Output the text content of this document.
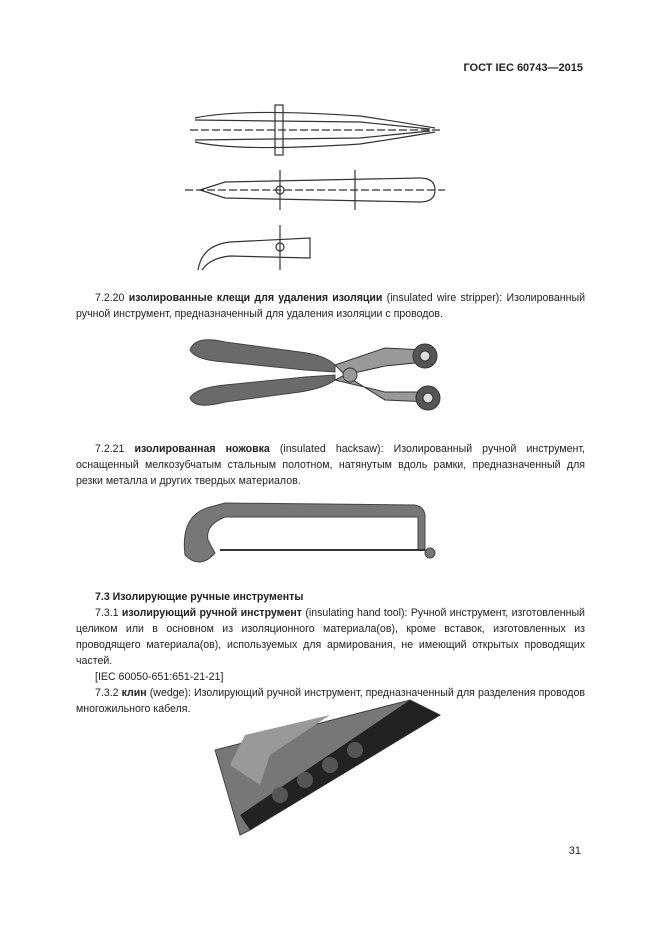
ГОСТ IEC 60743—2015

7.2.20 изолированные клещи для удаления изоляции (insulated wire stripper): Изолированный ручной инструмент, предназначенный для удаления изоляции с проводов.

7.2.21 изолированная ножовка (insulated hacksaw): Изолированный ручной инструмент, оснащенный мелкозубчатым стальным полотном, натянутым вдоль рамки, предназначенный для резки металла и других твердых материалов.

7.3 Изолирующие ручные инструменты

7.3.1 изолирующий ручной инструмент (insulating hand tool): Ручной инструмент, изготовленный целиком или в основном из изоляционного материала(ов), кроме вставок, изготовленных из проводящего материала(ов), используемых для армирования, не имеющий открытых проводящих частей.

[IEC 60050-651:651-21-21]

7.3.2 клин (wedge): Изолирующий ручной инструмент, предназначенный для разделения проводов многожильного кабеля.

31
